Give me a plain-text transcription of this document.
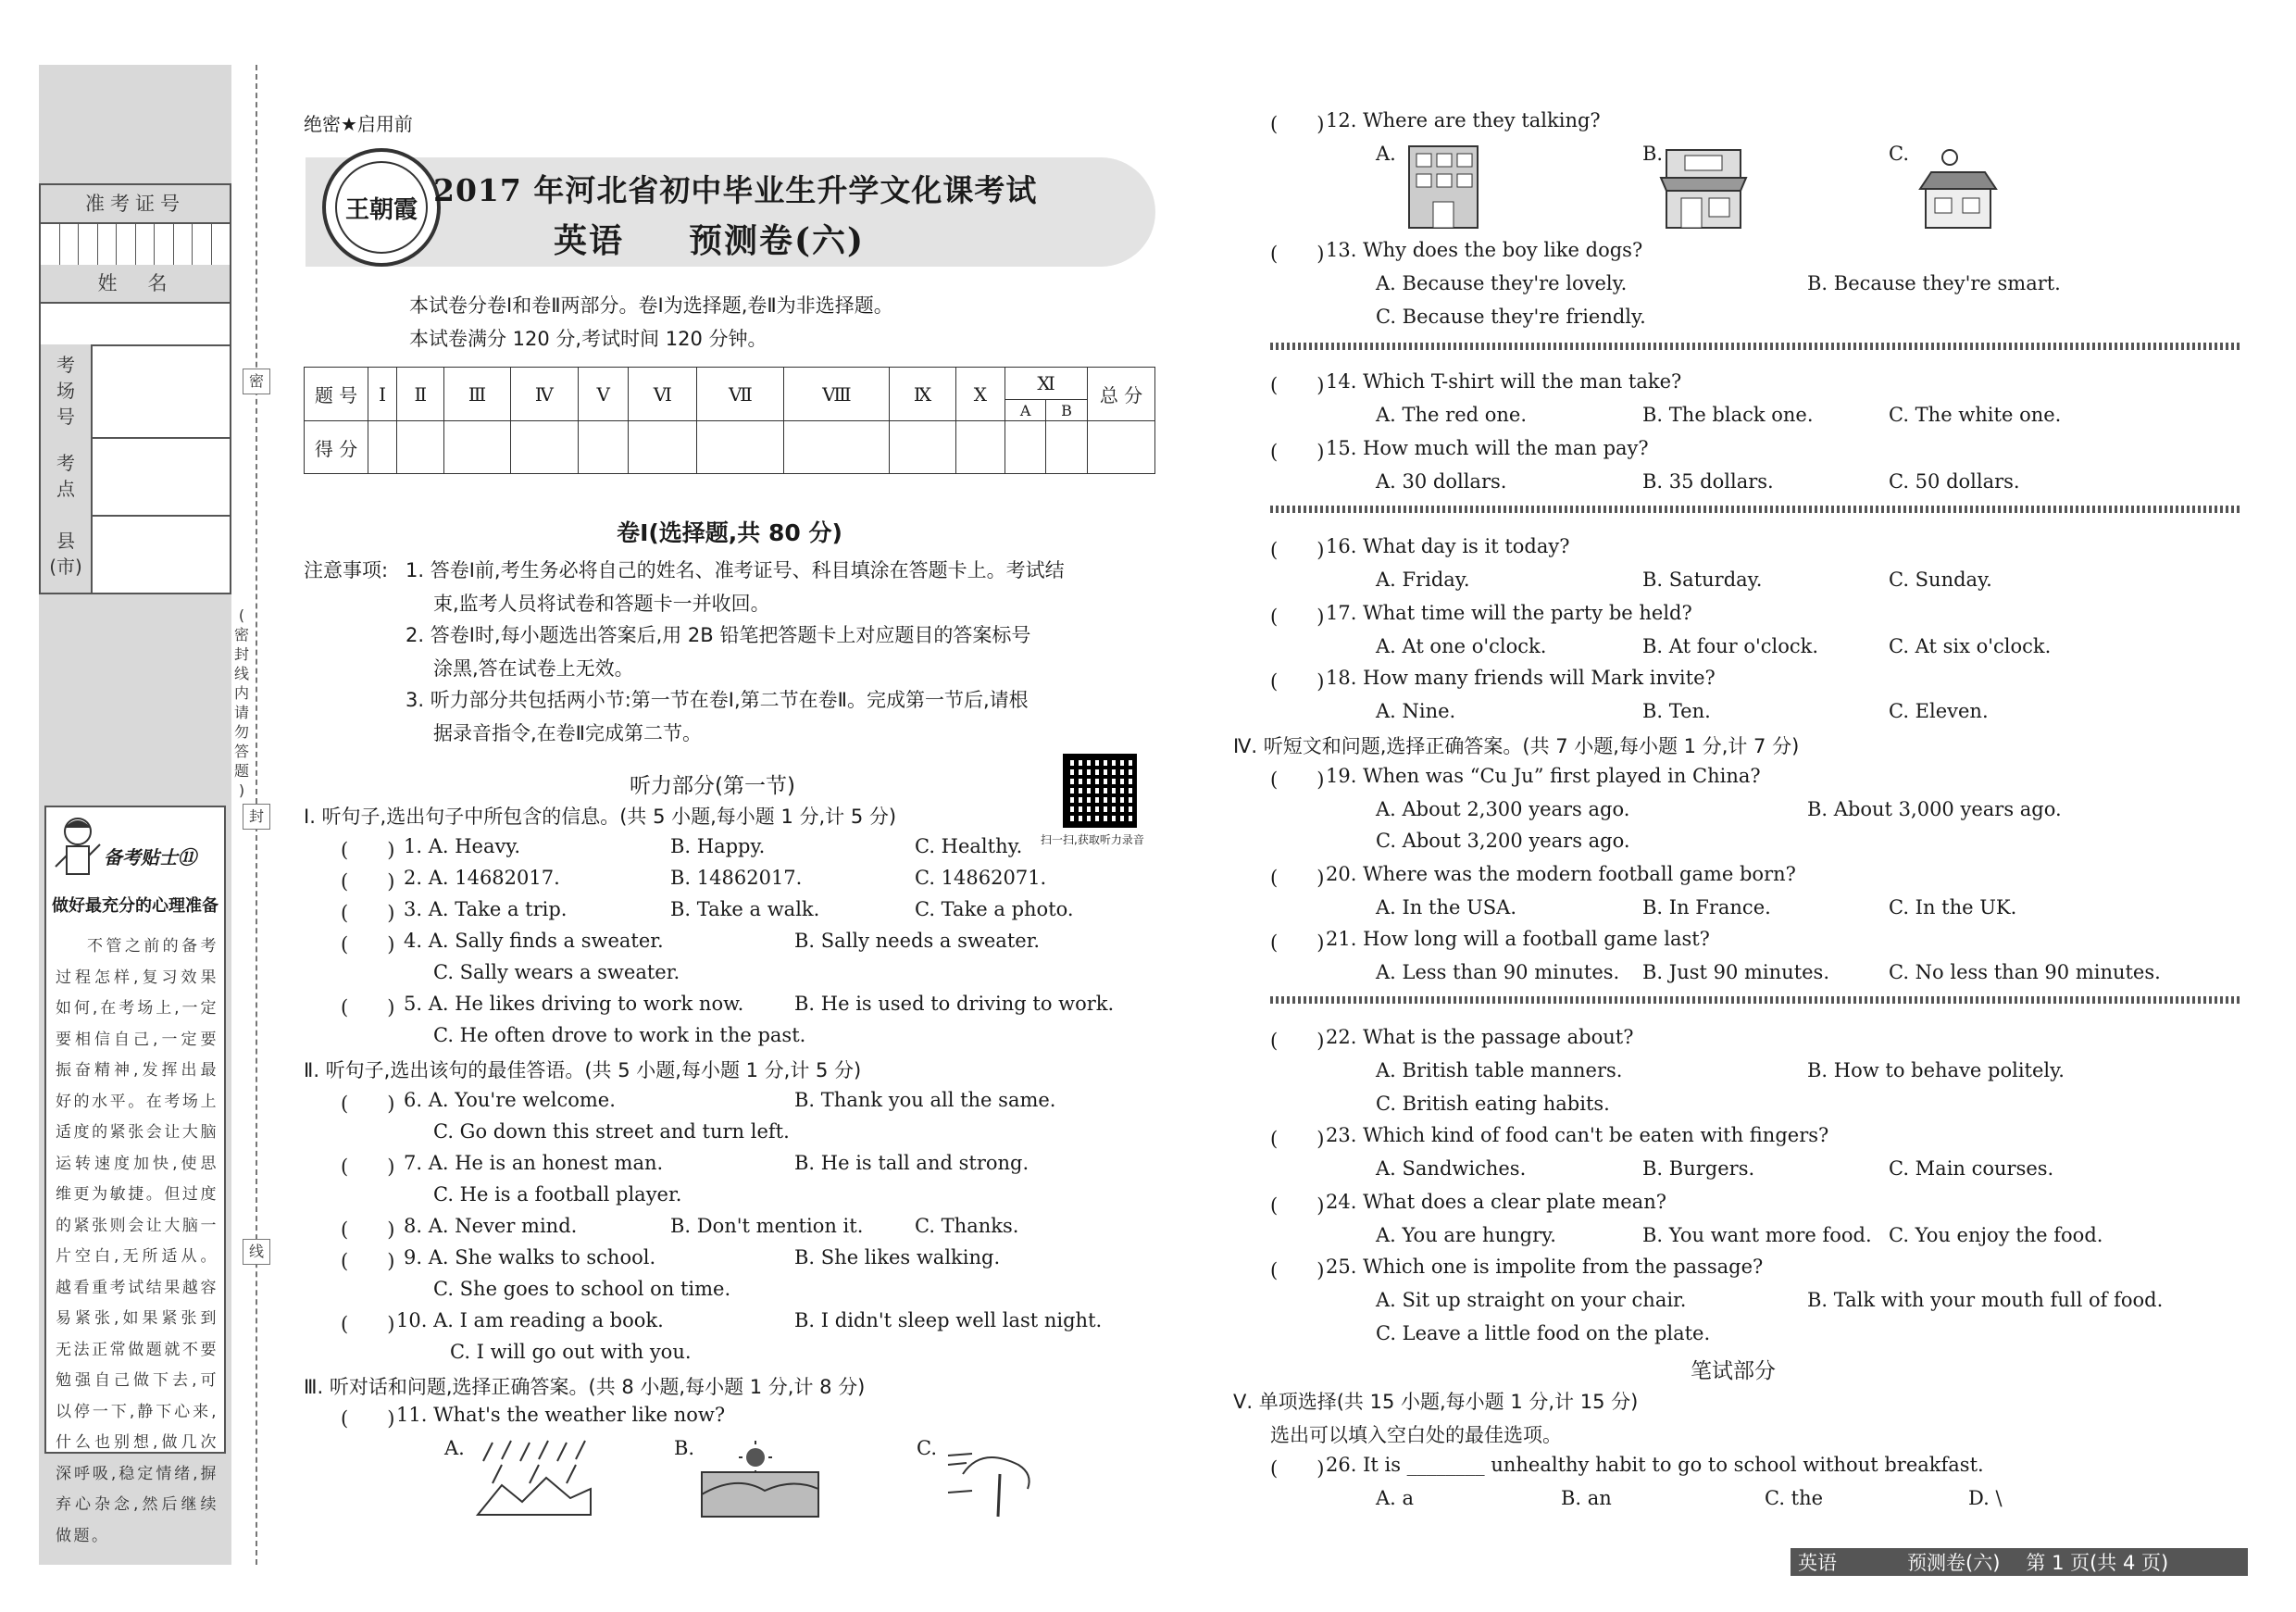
准考证号
姓　名
考
场
号
考
点
县
(市)
密
封
线
(
密
封
线
内
请
勿
答
题
)
备考贴士⑪
做好最充分的心理准备
不管之前的备考过程怎样,复习效果如何,在考场上,一定要相信自己,一定要振奋精神,发挥出最好的水平。在考场上适度的紧张会让大脑运转速度加快,使思维更为敏捷。但过度的紧张则会让大脑一片空白,无所适从。越看重考试结果越容易紧张,如果紧张到无法正常做题就不要勉强自己做下去,可以停一下,静下心来,什么也别想,做几次深呼吸,稳定情绪,摒弃心杂念,然后继续做题。
绝密★启用前
王朝霞
2017 年河北省初中毕业生升学文化课考试
英语 预测卷(六)
本试卷分卷Ⅰ和卷Ⅱ两部分。卷Ⅰ为选择题,卷Ⅱ为非选择题。
本试卷满分 120 分,考试时间 120 分钟。
题 号	Ⅰ	Ⅱ	Ⅲ	Ⅳ	Ⅴ	Ⅵ	Ⅶ	Ⅷ	Ⅸ	Ⅹ	Ⅺ		总 分
											A	B	
得 分													
卷Ⅰ(选择题,共 80 分)
注意事项: 1. 答卷Ⅰ前,考生务必将自己的姓名、准考证号、科目填涂在答题卡上。考试结
束,监考人员将试卷和答题卡一并收回。
2. 答卷Ⅰ时,每小题选出答案后,用 2B 铅笔把答题卡上对应题目的答案标号
涂黑,答在试卷上无效。
3. 听力部分共包括两小节:第一节在卷Ⅰ,第二节在卷Ⅱ。完成第一节后,请根
据录音指令,在卷Ⅱ完成第二节。
听力部分(第一节)
扫一扫,获取听力录音
Ⅰ. 听句子,选出句子中所包含的信息。(共 5 小题,每小题 1 分,计 5 分)
(　　) 1. A. Heavy.	B. Happy.	C. Healthy.
(　　) 2. A. 14682017.	B. 14862017.	C. 14862071.
(　　) 3. A. Take a trip.	B. Take a walk.	C. Take a photo.
(　　) 4. A. Sally finds a sweater.	B. Sally needs a sweater.
C. Sally wears a sweater.
(　　) 5. A. He likes driving to work now.	B. He is used to driving to work.
C. He often drove to work in the past.
Ⅱ. 听句子,选出该句的最佳答语。(共 5 小题,每小题 1 分,计 5 分)
(　　) 6. A. You're welcome.	B. Thank you all the same.
C. Go down this street and turn left.
(　　) 7. A. He is an honest man.	B. He is tall and strong.
C. He is a football player.
(　　) 8. A. Never mind.	B. Don't mention it.	C. Thanks.
(　　) 9. A. She walks to school.	B. She likes walking.
C. She goes to school on time.
(　　) 10. A. I am reading a book.	B. I didn't sleep well last night.
C. I will go out with you.
Ⅲ. 听对话和问题,选择正确答案。(共 8 小题,每小题 1 分,计 8 分)
(　　) 11. What's the weather like now?
A.	B.	C.
(　　) 12. Where are they talking?
A.	B.	C.
(　　) 13. Why does the boy like dogs?
A. Because they're lovely.	B. Because they're smart.
C. Because they're friendly.
(　　) 14. Which T-shirt will the man take?
A. The red one.	B. The black one.	C. The white one.
(　　) 15. How much will the man pay?
A. 30 dollars.	B. 35 dollars.	C. 50 dollars.
(　　) 16. What day is it today?
A. Friday.	B. Saturday.	C. Sunday.
(　　) 17. What time will the party be held?
A. At one o'clock.	B. At four o'clock.	C. At six o'clock.
(　　) 18. How many friends will Mark invite?
A. Nine.	B. Ten.	C. Eleven.
Ⅳ. 听短文和问题,选择正确答案。(共 7 小题,每小题 1 分,计 7 分)
(　　) 19. When was “Cu Ju” first played in China?
A. About 2,300 years ago.	B. About 3,000 years ago.
C. About 3,200 years ago.
(　　) 20. Where was the modern football game born?
A. In the USA.	B. In France.	C. In the UK.
(　　) 21. How long will a football game last?
A. Less than 90 minutes. B. Just 90 minutes.	C. No less than 90 minutes.
(　　) 22. What is the passage about?
A. British table manners.	B. How to behave politely.
C. British eating habits.
(　　) 23. Which kind of food can't be eaten with fingers?
A. Sandwiches.	B. Burgers.	C. Main courses.
(　　) 24. What does a clear plate mean?
A. You are hungry.	B. You want more food. C. You enjoy the food.
(　　) 25. Which one is impolite from the passage?
A. Sit up straight on your chair.	B. Talk with your mouth full of food.
C. Leave a little food on the plate.
笔试部分
Ⅴ. 单项选择(共 15 小题,每小题 1 分,计 15 分)
选出可以填入空白处的最佳选项。
(　　) 26. It is ________ unhealthy habit to go to school without breakfast.
A. a	B. an	C. the	D. \
英语	预测卷(六) 第 1 页(共 4 页)
